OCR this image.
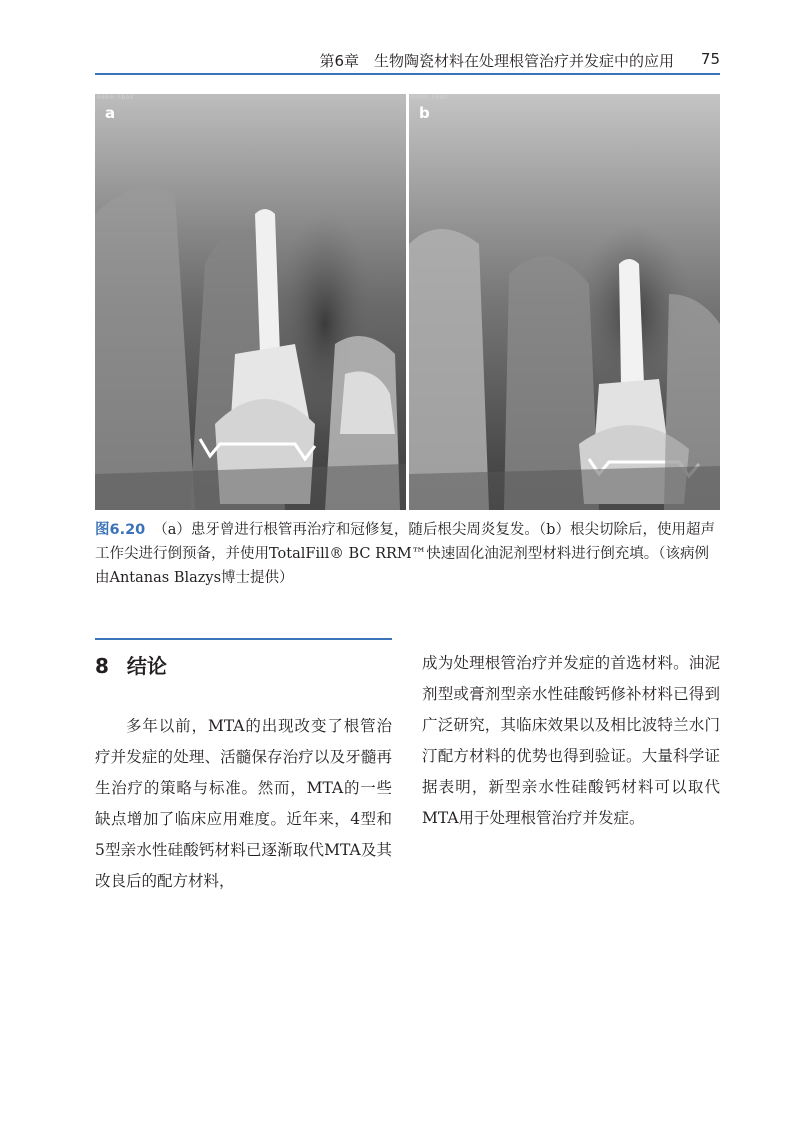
第6章　生物陶瓷材料在处理根管治疗并发症中的应用 75
0000:SBAV
a
0000:SBAV
b
图6.20 （a）患牙曾进行根管再治疗和冠修复，随后根尖周炎复发。（b）根尖切除后，使用超声工作尖进行倒预备，并使用TotalFill® BC RRM™快速固化油泥剂型材料进行倒充填。（该病例由Antanas Blazys博士提供）
8 结论

多年以前，MTA的出现改变了根管治疗并发症的处理、活髓保存治疗以及牙髓再生治疗的策略与标准。然而，MTA的一些缺点增加了临床应用难度。近年来，4型和5型亲水性硅酸钙材料已逐渐取代MTA及其改良后的配方材料，

成为处理根管治疗并发症的首选材料。油泥剂型或膏剂型亲水性硅酸钙修补材料已得到广泛研究，其临床效果以及相比波特兰水门汀配方材料的优势也得到验证。大量科学证据表明，新型亲水性硅酸钙材料可以取代MTA用于处理根管治疗并发症。
